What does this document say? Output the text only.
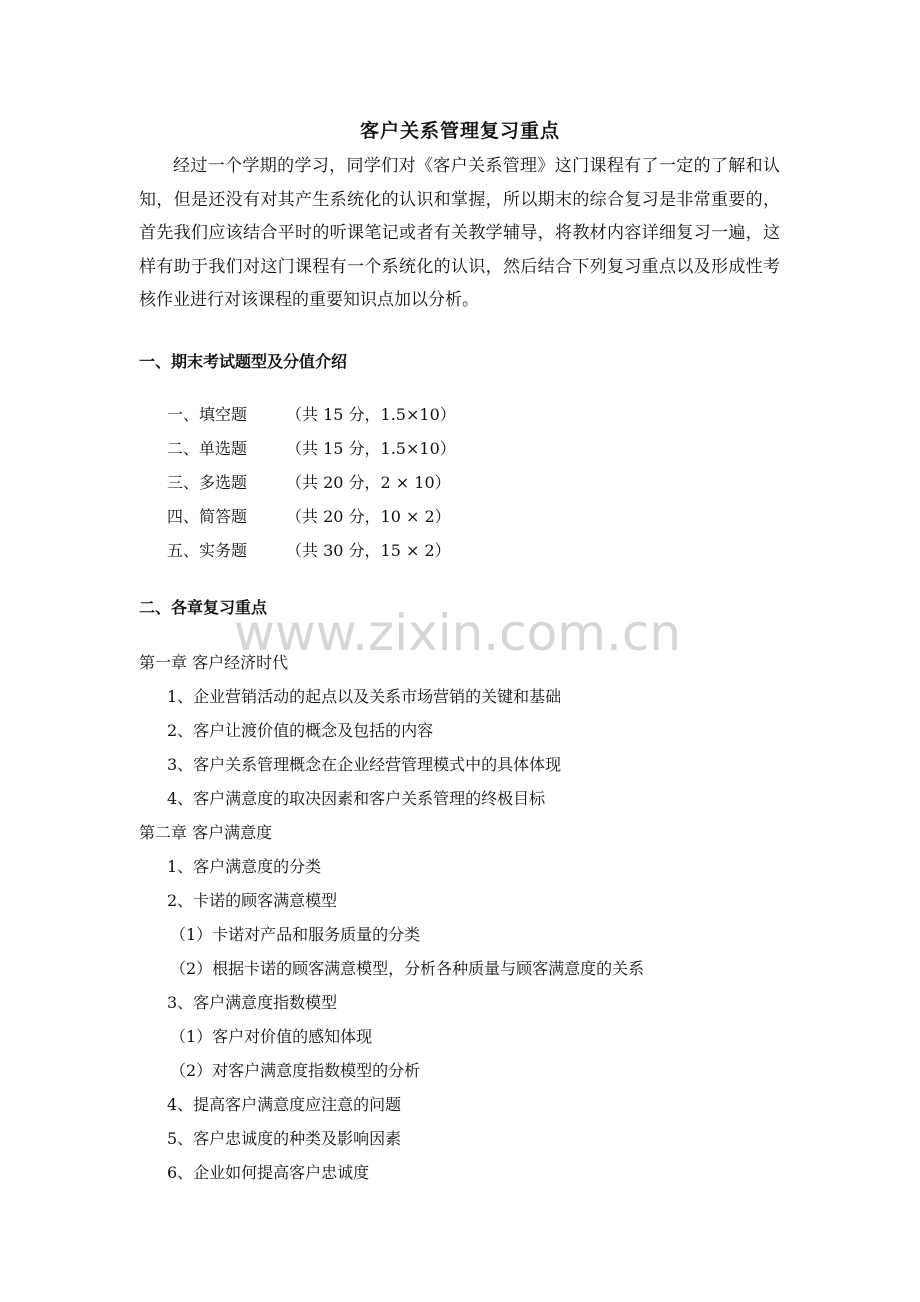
客户关系管理复习重点

经过一个学期的学习，同学们对《客户关系管理》这门课程有了一定的了解和认知，但是还没有对其产生系统化的认识和掌握，所以期末的综合复习是非常重要的，首先我们应该结合平时的听课笔记或者有关教学辅导，将教材内容详细复习一遍，这样有助于我们对这门课程有一个系统化的认识，然后结合下列复习重点以及形成性考核作业进行对该课程的重要知识点加以分析。

一、期末考试题型及分值介绍
一、填空题 （共 15 分，1.5×10）
二、单选题 （共 15 分，1.5×10）
三、多选题 （共 20 分，2 × 10）
四、简答题 （共 20 分，10 × 2）
五、实务题 （共 30 分，15 × 2）
二、各章复习重点
www.zixin.com.cn
第一章 客户经济时代
1、企业营销活动的起点以及关系市场营销的关键和基础
2、客户让渡价值的概念及包括的内容
3、客户关系管理概念在企业经营管理模式中的具体体现
4、客户满意度的取决因素和客户关系管理的终极目标
第二章 客户满意度
1、客户满意度的分类
2、卡诺的顾客满意模型
（1）卡诺对产品和服务质量的分类
（2）根据卡诺的顾客满意模型，分析各种质量与顾客满意度的关系
3、客户满意度指数模型
（1）客户对价值的感知体现
（2）对客户满意度指数模型的分析
4、提高客户满意度应注意的问题
5、客户忠诚度的种类及影响因素
6、企业如何提高客户忠诚度
